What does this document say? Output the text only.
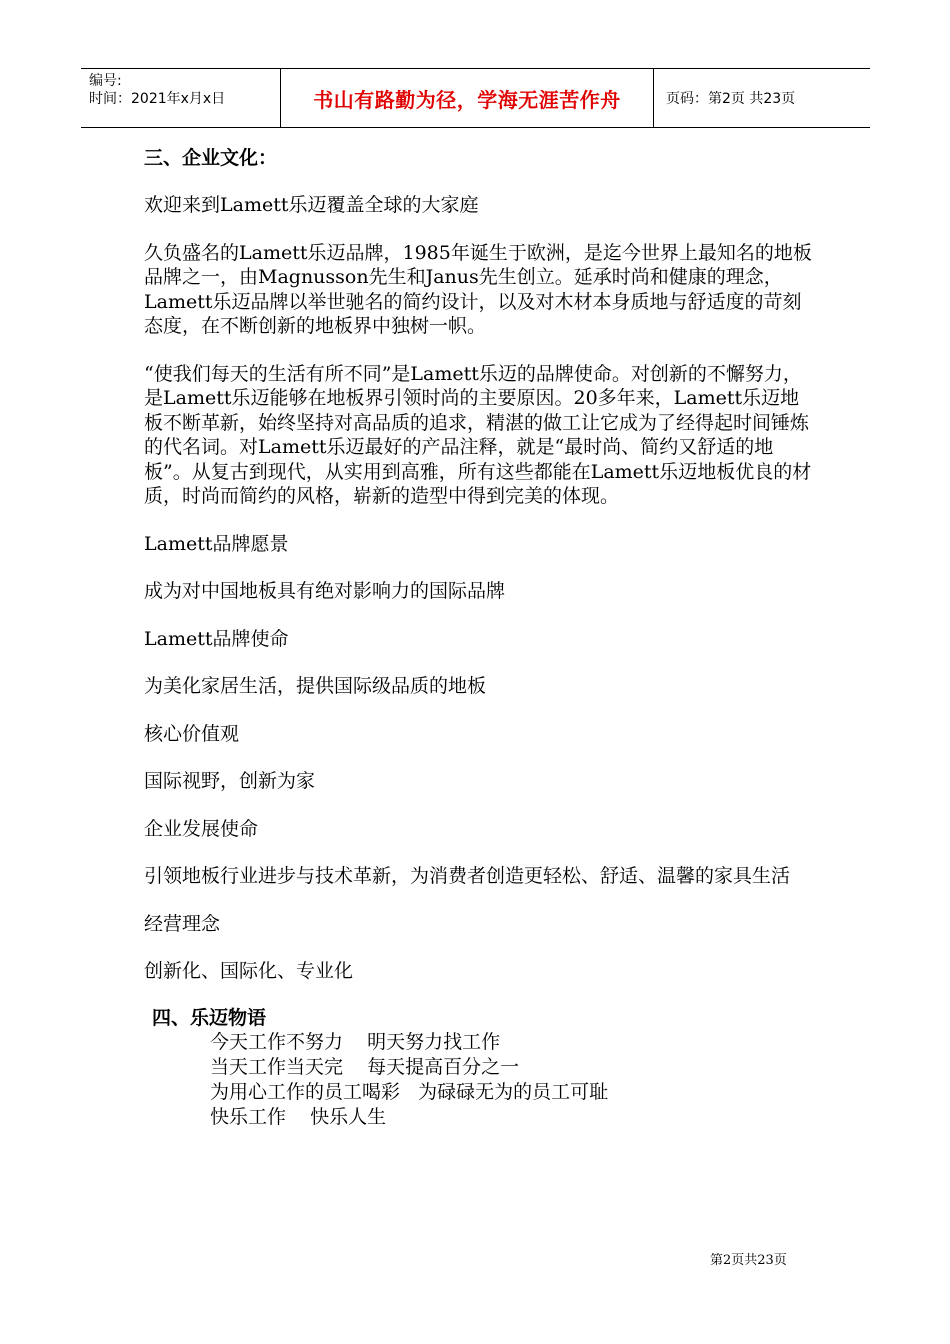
编号:
时间：2021年x月x日	书山有路勤为径，学海无涯苦作舟	页码：第2页 共23页

三、企业文化：

欢迎来到Lamett乐迈覆盖全球的大家庭

久负盛名的Lamett乐迈品牌，1985年诞生于欧洲，是迄今世界上最知名的地板品牌之一，由Magnusson先生和Janus先生创立。延承时尚和健康的理念，Lamett乐迈品牌以举世驰名的简约设计，以及对木材本身质地与舒适度的苛刻态度，在不断创新的地板界中独树一帜。

“使我们每天的生活有所不同”是Lamett乐迈的品牌使命。对创新的不懈努力，是Lamett乐迈能够在地板界引领时尚的主要原因。20多年来，Lamett乐迈地板不断革新，始终坚持对高品质的追求，精湛的做工让它成为了经得起时间锤炼的代名词。对Lamett乐迈最好的产品注释，就是“最时尚、简约又舒适的地板”。从复古到现代，从实用到高雅，所有这些都能在Lamett乐迈地板优良的材质，时尚而简约的风格，崭新的造型中得到完美的体现。

Lamett品牌愿景

成为对中国地板具有绝对影响力的国际品牌

Lamett品牌使命

为美化家居生活，提供国际级品质的地板

核心价值观

国际视野，创新为家

企业发展使命

引领地板行业进步与技术革新，为消费者创造更轻松、舒适、温馨的家具生活

经营理念

创新化、国际化、专业化

四、乐迈物语

今天工作不努力    明天努力找工作
当天工作当天完    每天提高百分之一
为用心工作的员工喝彩   为碌碌无为的员工可耻
快乐工作    快乐人生
第2页共23页
